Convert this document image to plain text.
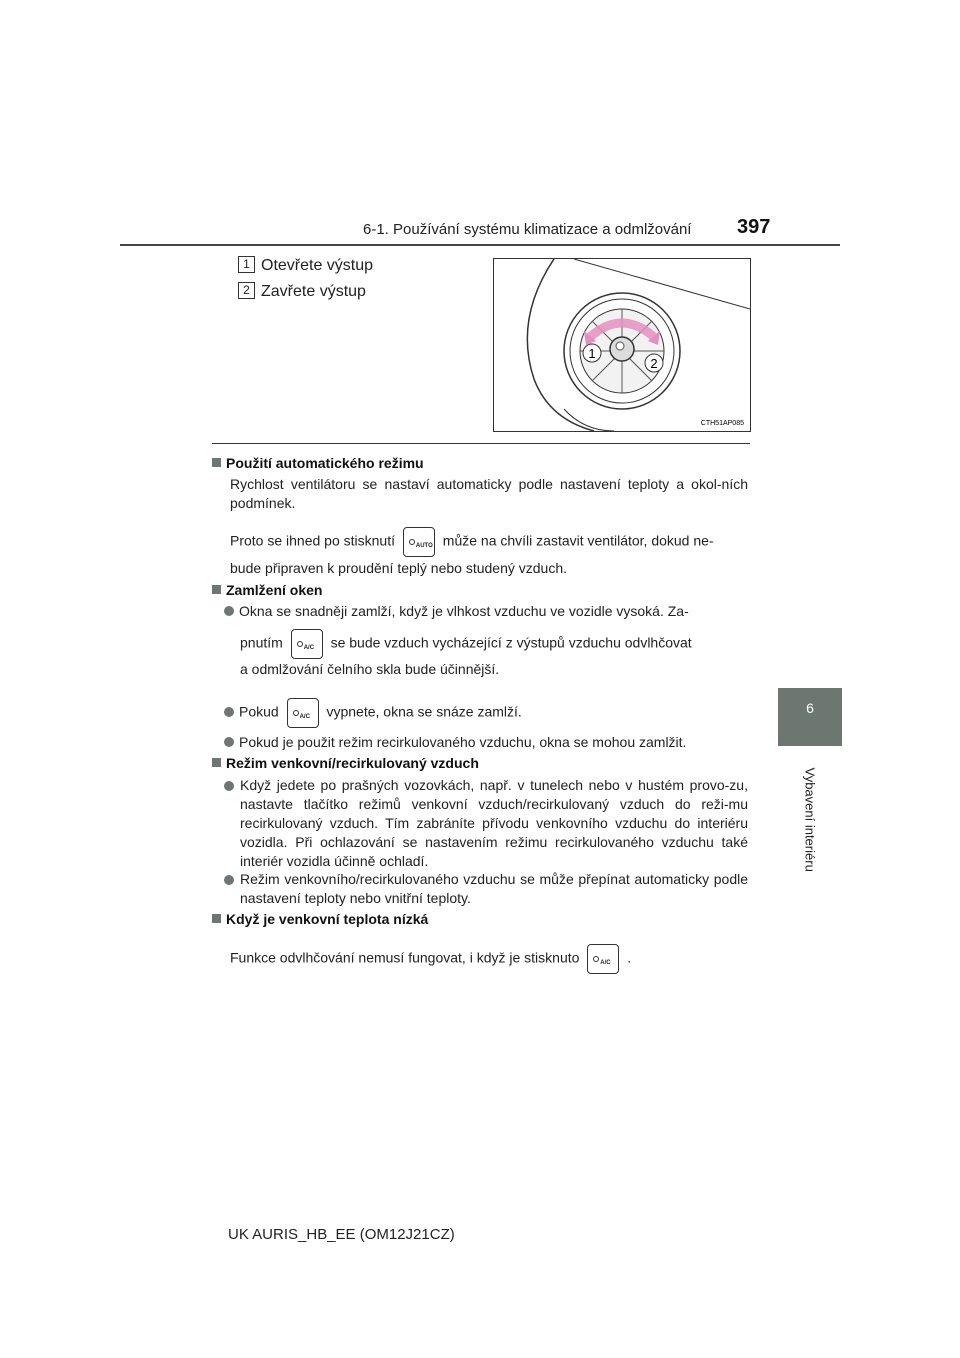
6-1. Používání systému klimatizace a odmlžování 397
6
Vybavení interiéru
1 Otevřete výstup
2 Zavřete výstup
1
2
CTH51AP085
Použití automatického režimu
Rychlost ventilátoru se nastaví automaticky podle nastavení teploty a okol-ních podmínek.
Proto se ihned po stisknutí	AUTO může na chvíli zastavit ventilátor, dokud ne-
bude připraven k proudění teplý nebo studený vzduch.
Zamlžení oken
Okna se snadněji zamlží, když je vlhkost vzduchu ve vozidle vysoká. Za-
pnutím	A/C se bude vzduch vycházející z výstupů vzduchu odvlhčovat
a odmlžování čelního skla bude účinnější.
Pokud	A/C vypnete, okna se snáze zamlží.
Pokud je použit režim recirkulovaného vzduchu, okna se mohou zamlžit.
Režim venkovní/recirkulovaný vzduch
Když jedete po prašných vozovkách, např. v tunelech nebo v hustém provo-zu, nastavte tlačítko režimů venkovní vzduch/recirkulovaný vzduch do reži-mu recirkulovaný vzduch. Tím zabráníte přívodu venkovního vzduchu do interiéru vozidla. Při ochlazování se nastavením režimu recirkulovaného vzduchu také interiér vozidla účinně ochladí.
Režim venkovního/recirkulovaného vzduchu se může přepínat automaticky podle nastavení teploty nebo vnitřní teploty.
Když je venkovní teplota nízká
Funkce odvlhčování nemusí fungovat, i když je stisknuto	A/C .
UK AURIS_HB_EE (OM12J21CZ)
